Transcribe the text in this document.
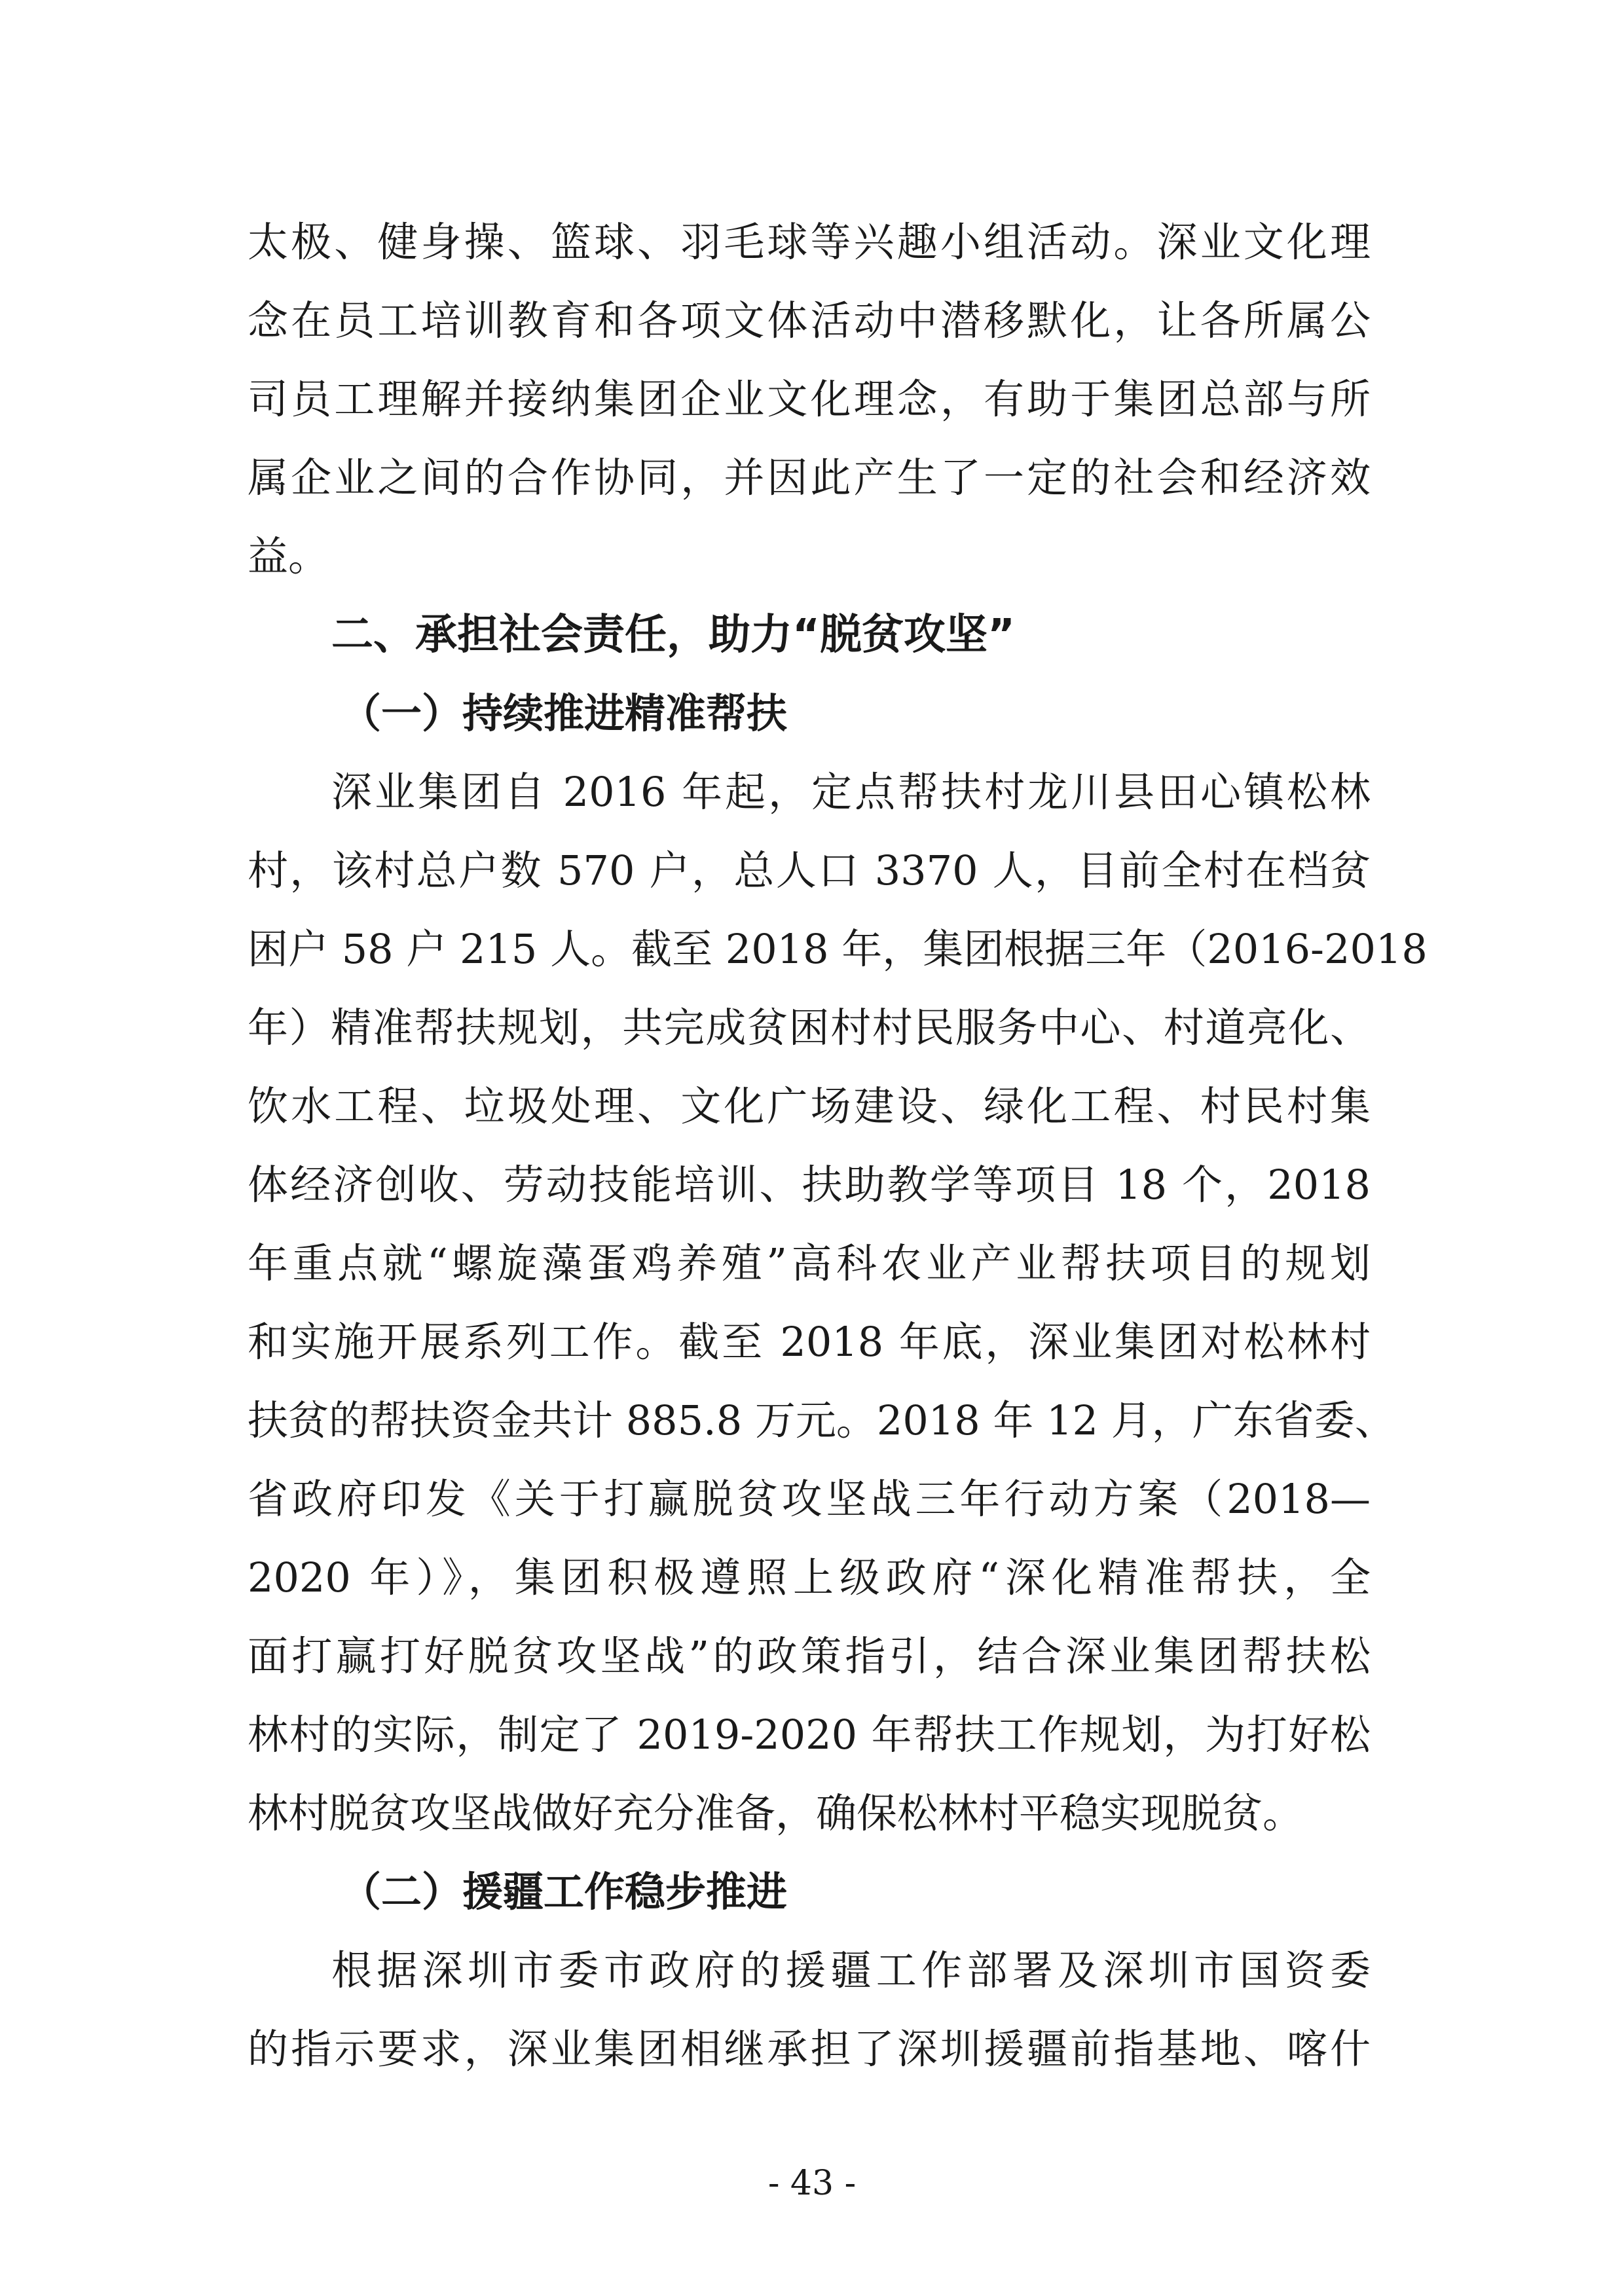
太极、健身操、篮球、羽毛球等兴趣小组活动。深业文化理
念在员工培训教育和各项文体活动中潜移默化，让各所属公
司员工理解并接纳集团企业文化理念，有助于集团总部与所
属企业之间的合作协同，并因此产生了一定的社会和经济效
益。
二、承担社会责任，助力“脱贫攻坚”
（一）持续推进精准帮扶
深业集团自 2016 年起，定点帮扶村龙川县田心镇松林
村，该村总户数 570 户，总人口 3370 人，目前全村在档贫
困户 58 户 215 人。截至 2018 年，集团根据三年（2016-2018
年）精准帮扶规划，共完成贫困村村民服务中心、村道亮化、
饮水工程、垃圾处理、文化广场建设、绿化工程、村民村集
体经济创收、劳动技能培训、扶助教学等项目 18 个，2018
年重点就“螺旋藻蛋鸡养殖”高科农业产业帮扶项目的规划
和实施开展系列工作。截至 2018 年底，深业集团对松林村
扶贫的帮扶资金共计 885.8 万元。2018 年 12 月，广东省委、
省政府印发《关于打赢脱贫攻坚战三年行动方案（2018—
2020 年）》，集团积极遵照上级政府“深化精准帮扶，全
面打赢打好脱贫攻坚战”的政策指引，结合深业集团帮扶松
林村的实际，制定了 2019-2020 年帮扶工作规划，为打好松
林村脱贫攻坚战做好充分准备，确保松林村平稳实现脱贫。
（二）援疆工作稳步推进
根据深圳市委市政府的援疆工作部署及深圳市国资委
的指示要求，深业集团相继承担了深圳援疆前指基地、喀什
- 43 -
